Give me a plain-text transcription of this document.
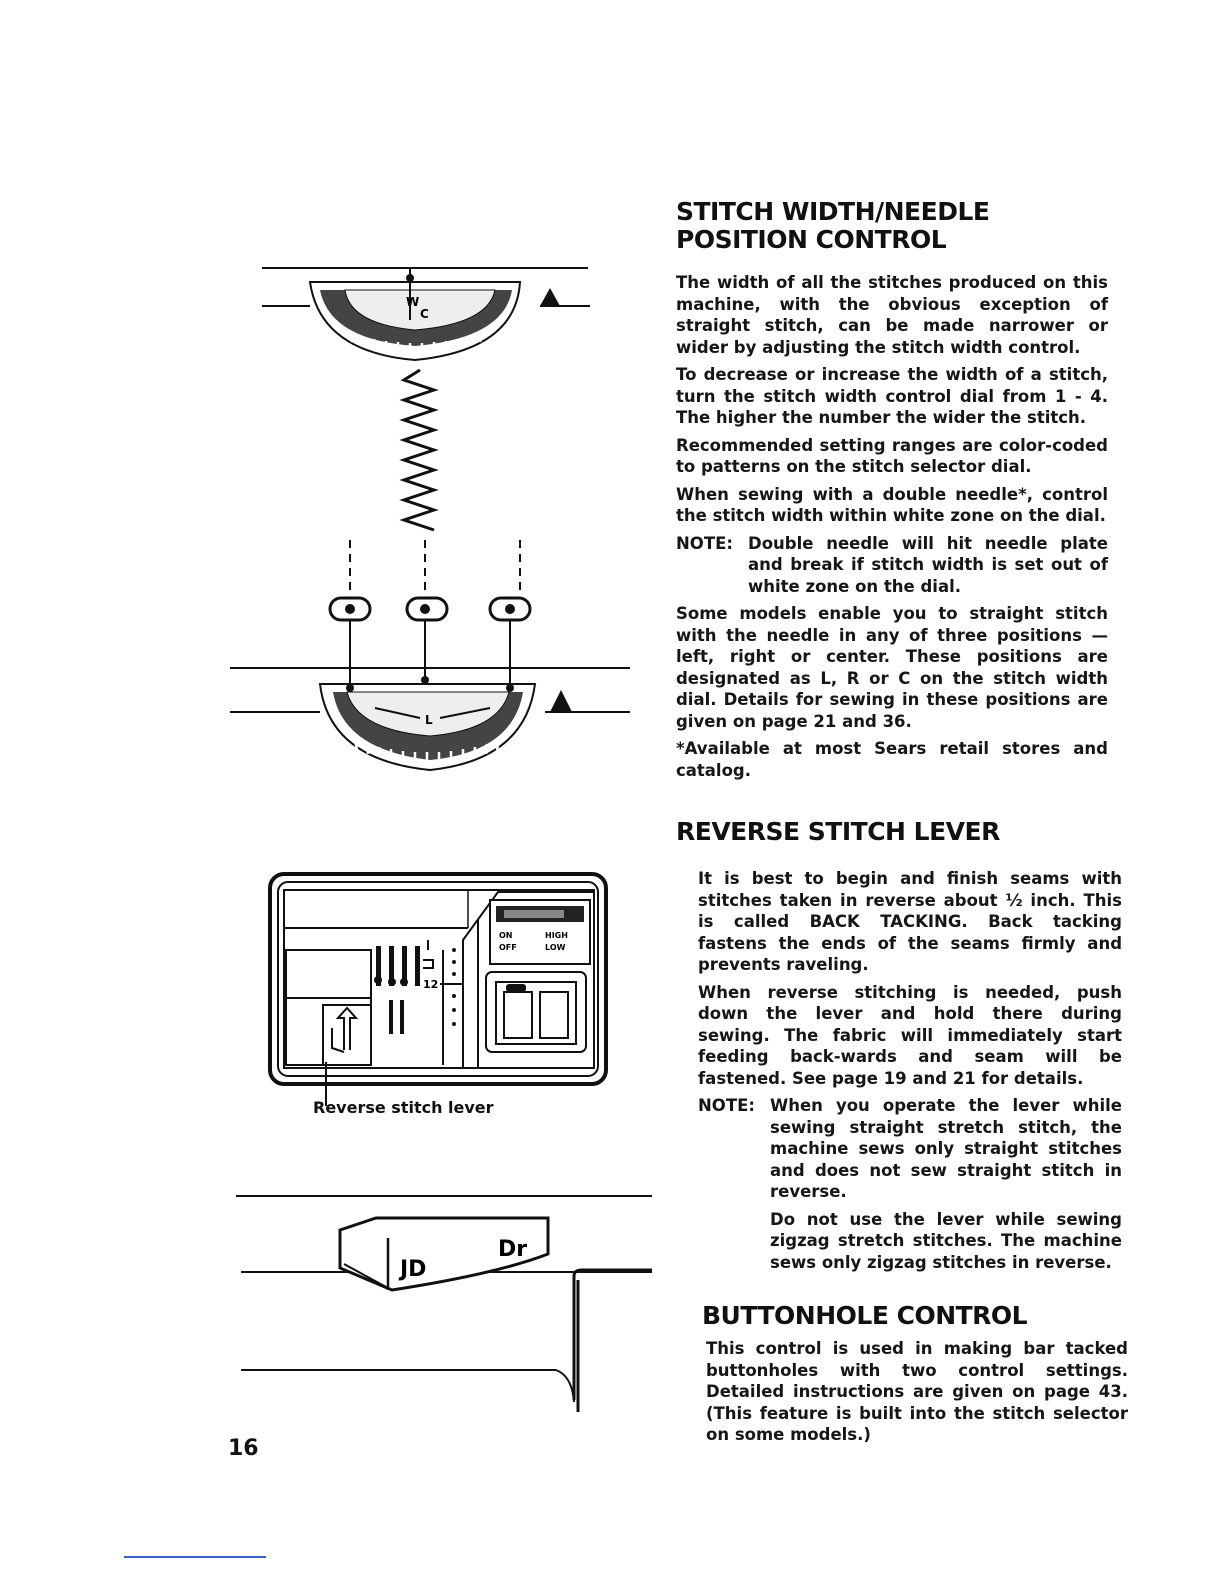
W
C
L
12
ON
OFF
HIGH
LOW
Reverse stitch lever
JD
Dr
16
STITCH WIDTH/NEEDLE
POSITION CONTROL

The width of all the stitches produced on this machine, with the obvious exception of straight stitch, can be made narrower or wider by adjusting the stitch width control.

To decrease or increase the width of a stitch, turn the stitch width control dial from 1 - 4. The higher the number the wider the stitch.

Recommended setting ranges are color-coded to patterns on the stitch selector dial.

When sewing with a double needle*, control the stitch width within white zone on the dial.

NOTE: Double needle will hit needle plate and break if stitch width is set out of white zone on the dial.

Some models enable you to straight stitch with the needle in any of three positions — left, right or center. These positions are designated as L, R or C on the stitch width dial. Details for sewing in these positions are given on page 21 and 36.

*Available at most Sears retail stores and catalog.

REVERSE STITCH LEVER

It is best to begin and finish seams with stitches taken in reverse about ½ inch. This is called BACK TACKING. Back tacking fastens the ends of the seams firmly and prevents raveling.

When reverse stitching is needed, push down the lever and hold there during sewing. The fabric will immediately start feeding back-wards and seam will be fastened. See page 19 and 21 for details.

NOTE: When you operate the lever while sewing straight stretch stitch, the machine sews only straight stitches and does not sew straight stitch in reverse.

Do not use the lever while sewing zigzag stretch stitches. The machine sews only zigzag stitches in reverse.

BUTTONHOLE CONTROL

This control is used in making bar tacked buttonholes with two control settings. Detailed instructions are given on page 43. (This feature is built into the stitch selector on some models.)
